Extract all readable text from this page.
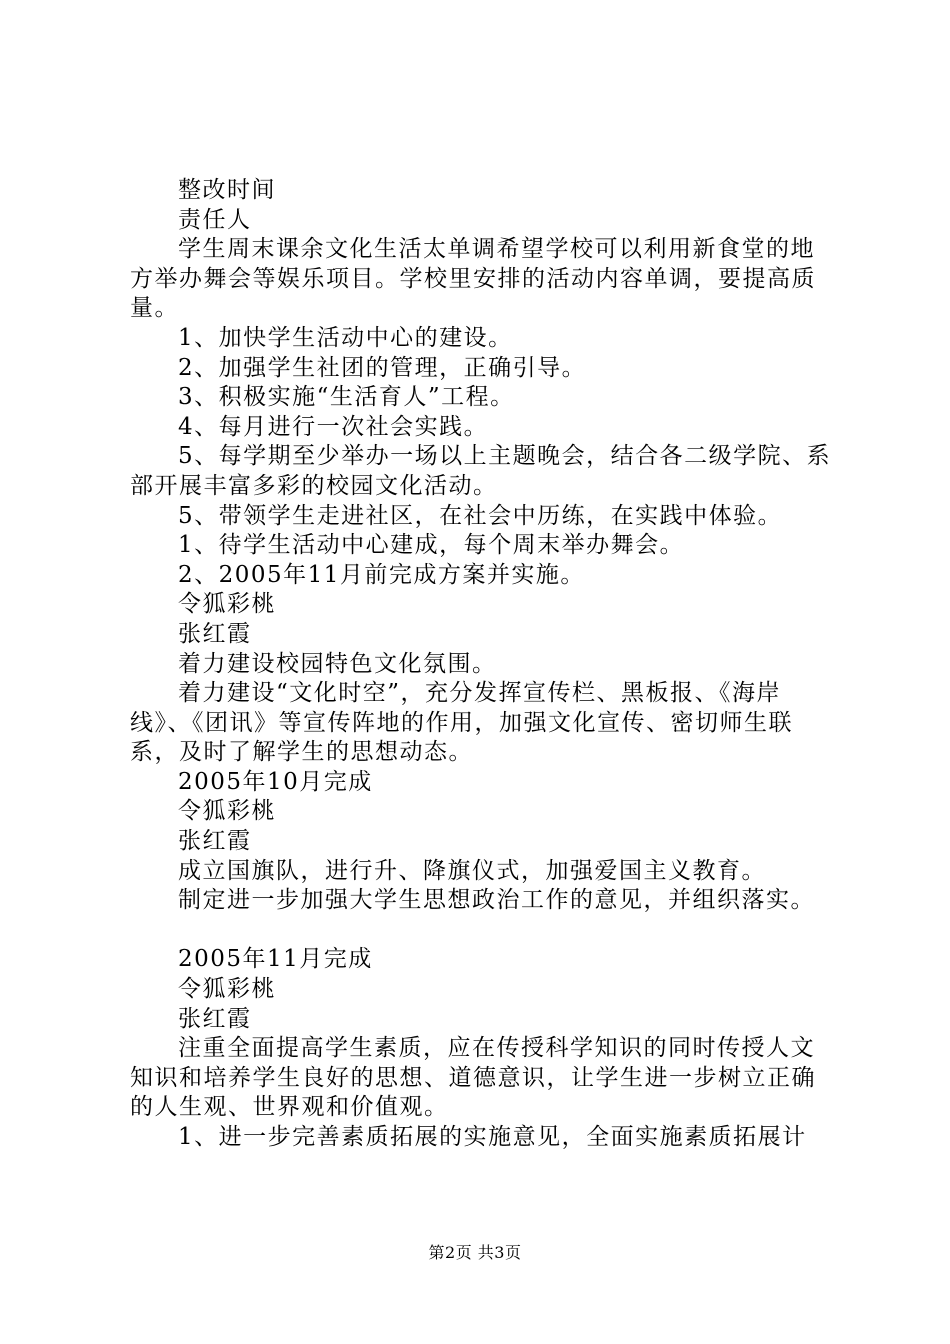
整改时间

责任人

学生周末课余文化生活太单调希望学校可以利用新食堂的地方举办舞会等娱乐项目。学校里安排的活动内容单调，要提高质量。

1、加快学生活动中心的建设。

2、加强学生社团的管理，正确引导。

3、积极实施“生活育人”工程。

4、每月进行一次社会实践。

5、每学期至少举办一场以上主题晚会，结合各二级学院、系部开展丰富多彩的校园文化活动。

5、带领学生走进社区，在社会中历练，在实践中体验。

1、待学生活动中心建成，每个周末举办舞会。

2、2005年11月前完成方案并实施。

令狐彩桃

张红霞

着力建设校园特色文化氛围。

着力建设“文化时空”，充分发挥宣传栏、黑板报、《海岸线》、《团讯》等宣传阵地的作用，加强文化宣传、密切师生联系，及时了解学生的思想动态。

2005年10月完成

令狐彩桃

张红霞

成立国旗队，进行升、降旗仪式，加强爱国主义教育。

制定进一步加强大学生思想政治工作的意见，并组织落实。

2005年11月完成

令狐彩桃

张红霞

注重全面提高学生素质，应在传授科学知识的同时传授人文知识和培养学生良好的思想、道德意识，让学生进一步树立正确的人生观、世界观和价值观。

1、进一步完善素质拓展的实施意见，全面实施素质拓展计

第2页 共3页
